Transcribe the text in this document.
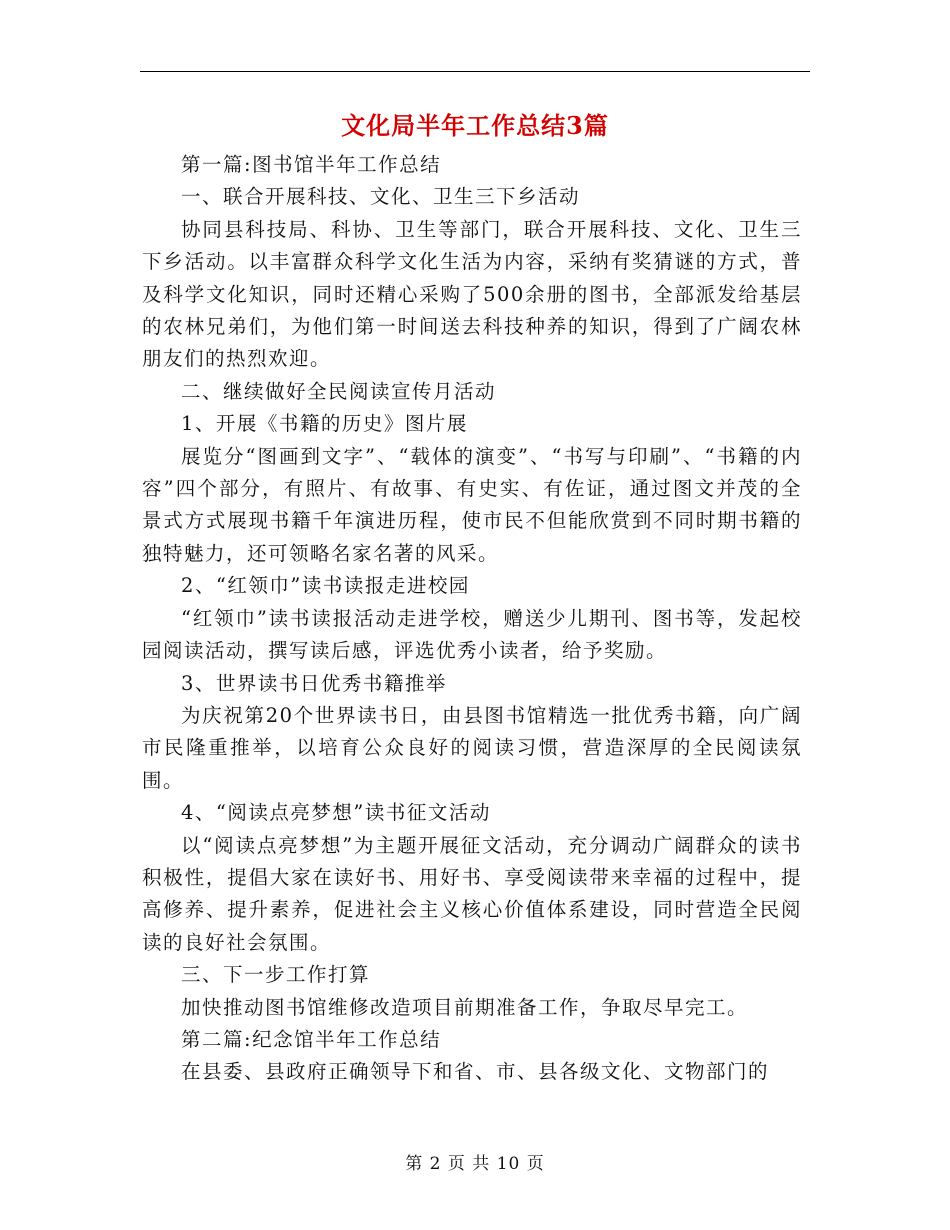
文化局半年工作总结3篇

第一篇:图书馆半年工作总结

一、联合开展科技、文化、卫生三下乡活动

协同县科技局、科协、卫生等部门，联合开展科技、文化、卫生三下乡活动。以丰富群众科学文化生活为内容，采纳有奖猜谜的方式，普及科学文化知识，同时还精心采购了500余册的图书，全部派发给基层的农林兄弟们，为他们第一时间送去科技种养的知识，得到了广阔农林朋友们的热烈欢迎。

二、继续做好全民阅读宣传月活动

1、开展《书籍的历史》图片展

展览分“图画到文字”、“载体的演变”、“书写与印刷”、“书籍的内容”四个部分，有照片、有故事、有史实、有佐证，通过图文并茂的全景式方式展现书籍千年演进历程，使市民不但能欣赏到不同时期书籍的独特魅力，还可领略名家名著的风采。

2、“红领巾”读书读报走进校园

“红领巾”读书读报活动走进学校，赠送少儿期刊、图书等，发起校园阅读活动，撰写读后感，评选优秀小读者，给予奖励。

3、世界读书日优秀书籍推举

为庆祝第20个世界读书日，由县图书馆精选一批优秀书籍，向广阔市民隆重推举，以培育公众良好的阅读习惯，营造深厚的全民阅读氛围。

4、“阅读点亮梦想”读书征文活动

以“阅读点亮梦想”为主题开展征文活动，充分调动广阔群众的读书积极性，提倡大家在读好书、用好书、享受阅读带来幸福的过程中，提高修养、提升素养，促进社会主义核心价值体系建设，同时营造全民阅读的良好社会氛围。

三、下一步工作打算

加快推动图书馆维修改造项目前期准备工作，争取尽早完工。

第二篇:纪念馆半年工作总结

在县委、县政府正确领导下和省、市、县各级文化、文物部门的

第 2 页 共 10 页
